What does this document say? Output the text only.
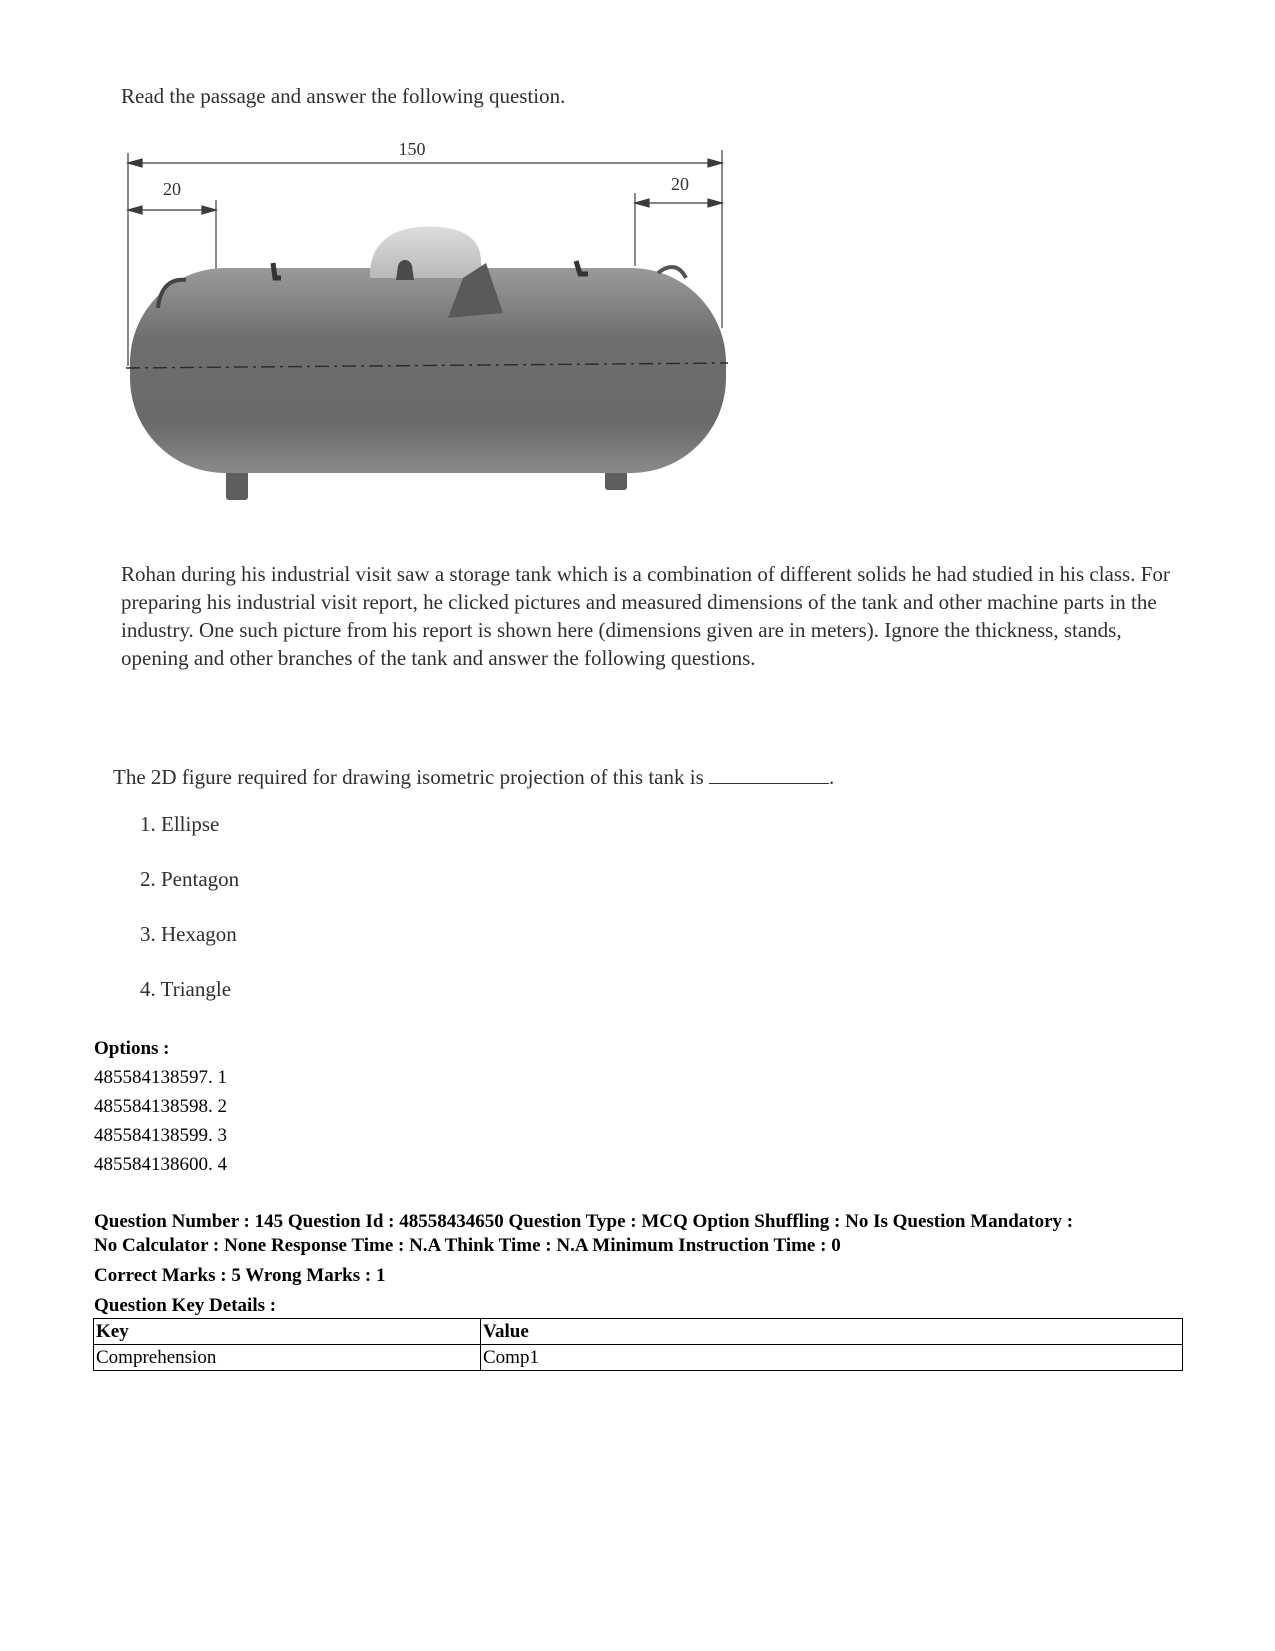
Read the passage and answer the following question.
150
20	20
Rohan during his industrial visit saw a storage tank which is a combination of different solids he had studied in his class. For preparing his industrial visit report, he clicked pictures and measured dimensions of the tank and other machine parts in the industry. One such picture from his report is shown here (dimensions given are in meters). Ignore the thickness, stands, opening and other branches of the tank and answer the following questions.
The 2D figure required for drawing isometric projection of this tank is	.
1. Ellipse
2. Pentagon
3. Hexagon
4. Triangle
Options :
485584138597. 1
485584138598. 2
485584138599. 3
485584138600. 4
Question Number : 145 Question Id : 48558434650 Question Type : MCQ Option Shuffling : No Is Question Mandatory :
No Calculator : None Response Time : N.A Think Time : N.A Minimum Instruction Time : 0
Correct Marks : 5 Wrong Marks : 1
Question Key Details :
Key	Value
Comprehension	Comp1
